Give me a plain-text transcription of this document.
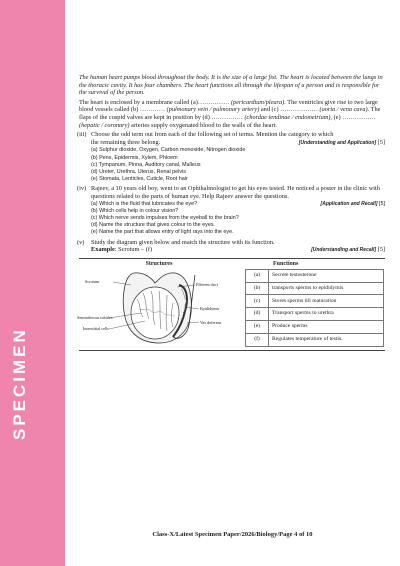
SPECIMEN

The human heart pumps blood throughout the body. It is the size of a large fist. The heart is located between the lungs in the thoracic cavity. It has four chambers. The heart functions all through the lifespan of a person and is responsible for the survival of the person.

The heart is enclosed by a membrane called (a)…………… (pericardium/pleura). The ventricles give rise to two large blood vessels called (b) ………… (pulmonary vein / pulmonary artery) and (c) ……………… (aorta / vena cava). The flaps of the cuspid valves are kept in position by (d) …………… (chordae tendinae / endometrium), (e) ……………. (hepatic / coronary) arteries supply oxygenated blood to the walls of the heart.

(iii) Choose the odd term out from each of the following set of terms. Mention the category to which

the remaining three belong.	[Understanding and Application] [5]
(a) Sulphur dioxide, Oxygen, Carbon monoxide, Nitrogen dioxide
(b) Pens, Epidermis, Xylem, Phloem
(c) Tympanum, Pinna, Auditory canal, Malleus
(d) Ureter, Urethra, Uterus, Renal pelvis
(e) Stomata, Lenticles, Cuticle, Root hair
(iv) Rajeev, a 10 years old boy, went to an Ophthalmologist to get his eyes tested. He noticed a poster in the clinic with questions related to the parts of human eye. Help Rajeev answer the questions.

(a) Which is the fluid that lubricates the eye?	[Application and Recall] [5]
(b) Which cells help in colour vision?
(c) Which nerve sends impulses from the eyeball to the brain?
(d) Name the structure that gives colour to the eyes.
(e) Name the part that allows entry of light rays into the eye.
(v) Study the diagram given below and match the structure with its function.

Example: Scrotum – (f)	[Understanding and Recall] [5]
Structures	Functions
Scrotum
Efferent duct
Epididymis
Seminiferous tubules
Interstitial cells
Vas deferens
(a)	Secrete testosterone
(b)	transports sperms to epididymis
(c)	Stores sperms till maturation
(d)	Transport sperms to urethra
(e)	Produce sperms
(f)	Regulates temperature of testis.
Class-X/Latest Specimen Paper/2026/Biology/Page 4 of 10
